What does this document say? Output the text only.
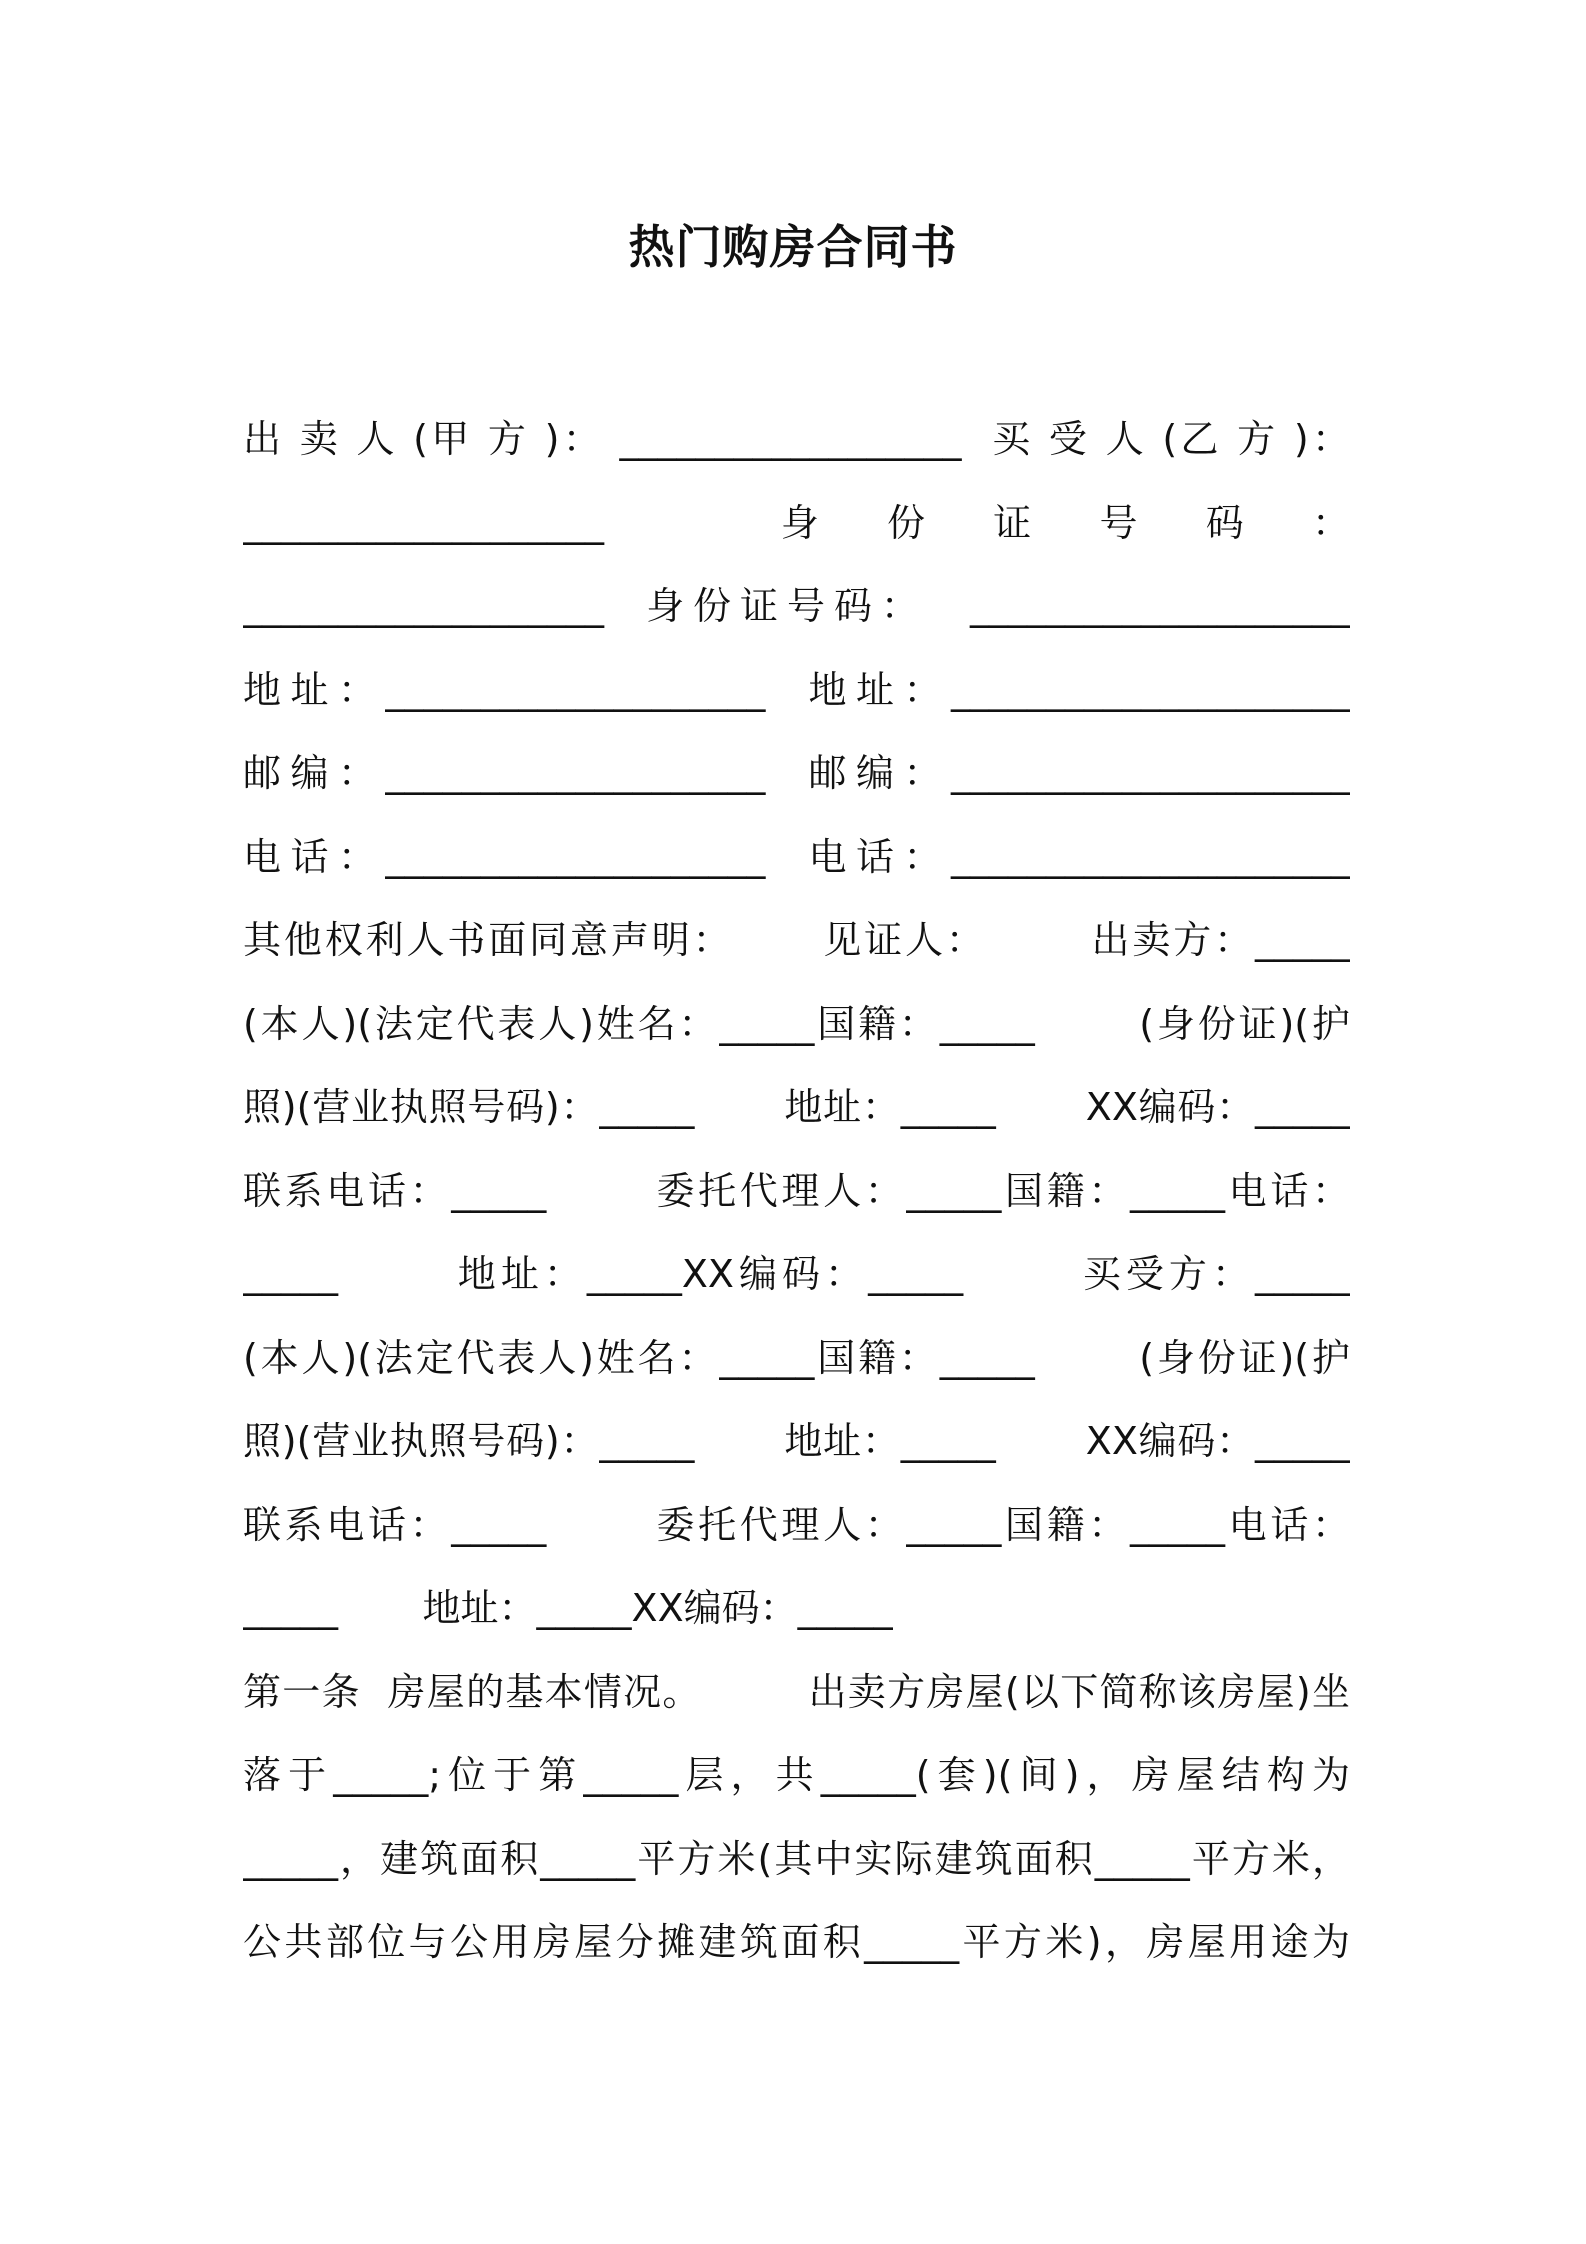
热门购房合同书
出 卖 人 (甲 方 )： __________________  买 受 人 (乙 方 )：
___________________           身    份    证    号    码    ：
___________________  身份证号码：  ____________________
地址：____________________  地址：_____________________
邮编：____________________  邮编：_____________________
电话：____________________  电话：_____________________
其他权利人书面同意声明：      见证人：       出卖方：_____
(本人)(法定代表人)姓名：_____国籍：_____       (身份证)(护
照)(营业执照号码)：_____       地址：_____       XX编码：_____
联系电话：_____       委托代理人：_____国籍：_____电话：
_____       地址：_____XX编码：_____       买受方：_____
(本人)(法定代表人)姓名：_____国籍：_____       (身份证)(护
照)(营业执照号码)：_____       地址：_____       XX编码：_____
联系电话：_____       委托代理人：_____国籍：_____电话：
_____       地址：_____XX编码：_____
第一条  房屋的基本情况。        出卖方房屋(以下简称该房屋)坐
落于_____;位于第_____层，共_____(套)(间)，房屋结构为
_____，建筑面积_____平方米(其中实际建筑面积_____平方米，
公共部位与公用房屋分摊建筑面积_____平方米)，房屋用途为
